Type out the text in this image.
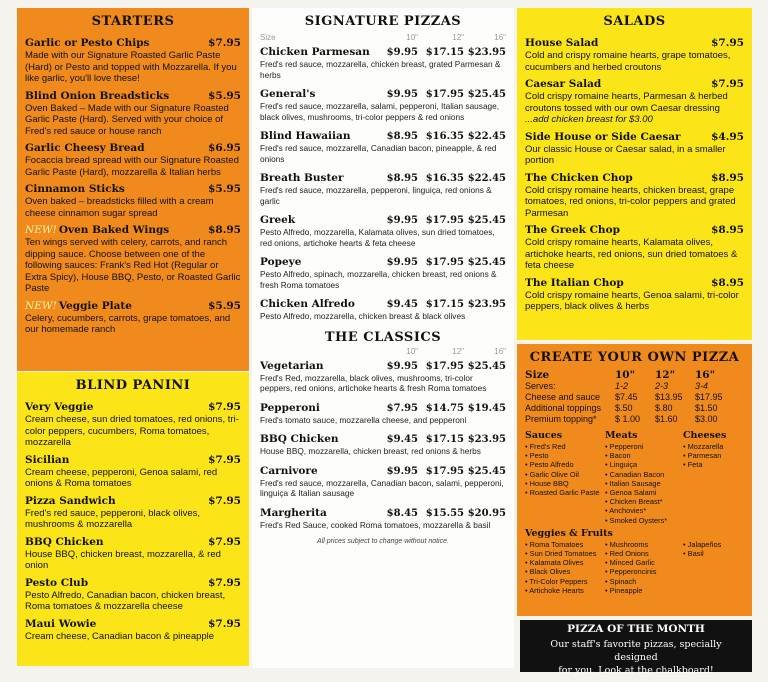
STARTERS
Garlic or Pesto Chips	$7.95
Made with our Signature Roasted Garlic Paste (Hard) or Pesto and topped with Mozzarella. If you like garlic, you'll love these!
Blind Onion Breadsticks	$5.95
Oven Baked – Made with our Signature Roasted Garlic Paste (Hard). Served with your choice of Fred's red sauce or house ranch
Garlic Cheesy Bread	$6.95
Focaccia bread spread with our Signature Roasted Garlic Paste (Hard), mozzarella & Italian herbs
Cinnamon Sticks	$5.95
Oven baked – breadsticks filled with a cream cheese cinnamon sugar spread
NEW! Oven Baked Wings	$8.95
Ten wings served with celery, carrots, and ranch dipping sauce. Choose between one of the following sauces: Frank's Red Hot (Regular or Extra Spicy), House BBQ, Pesto, or Roasted Garlic Paste
NEW! Veggie Plate	$5.95
Celery, cucumbers, carrots, grape tomatoes, and our homemade ranch
BLIND PANINI
Very Veggie	$7.95
Cream cheese, sun dried tomatoes, red onions, tri-color peppers, cucumbers, Roma tomatoes, mozzarella
Sicilian	$7.95
Cream cheese, pepperoni, Genoa salami, red onions & Roma tomatoes
Pizza Sandwich	$7.95
Fred's red sauce, pepperoni, black olives, mushrooms & mozzarella
BBQ Chicken	$7.95
House BBQ, chicken breast, mozzarella, & red onion
Pesto Club	$7.95
Pesto Alfredo, Canadian bacon, chicken breast, Roma tomatoes & mozzarella cheese
Maui Wowie	$7.95
Cream cheese, Canadian bacon & pineapple
SIGNATURE PIZZAS
Size	10"	12"	16"
Chicken Parmesan	$9.95 $17.15 $23.95
Fred's red sauce, mozzarella, chicken breast, grated Parmesan & herbs
General's	$9.95 $17.95 $25.45
Fred's red sauce, mozzarella, salami, pepperoni, Italian sausage, black olives, mushrooms, tri-color peppers & red onions
Blind Hawaiian	$8.95 $16.35 $22.45
Fred's red sauce, mozzarella, Canadian bacon, pineapple, & red onions
Breath Buster	$8.95 $16.35 $22.45
Fred's red sauce, mozzarella, pepperoni, linguiça, red onions & garlic
Greek	$9.95 $17.95 $25.45
Pesto Alfredo, mozzarella, Kalamata olives, sun dried tomatoes, red onions, artichoke hearts & feta cheese
Popeye	$9.95 $17.95 $25.45
Pesto Alfredo, spinach, mozzarella, chicken breast, red onions & fresh Roma tomatoes
Chicken Alfredo	$9.45 $17.15 $23.95
Pesto Alfredo, mozzarella, chicken breast & black olives
THE CLASSICS
10"	12"	16"
Vegetarian	$9.95 $17.95 $25.45
Fred's Red, mozzarella, black olives, mushrooms, tri-color peppers, red onions, artichoke hearts & fresh Roma tomatoes
Pepperoni	$7.95 $14.75 $19.45
Fred's tomato sauce, mozzarella cheese, and pepperoni
BBQ Chicken	$9.45 $17.15 $23.95
House BBQ, mozzarella, chicken breast, red onions & herbs
Carnivore	$9.95 $17.95 $25.45
Fred's red sauce, mozzarella, Canadian bacon, salami, pepperoni, linguiça & Italian sausage
Margherita	$8.45 $15.55 $20.95
Fred's Red Sauce, cooked Roma tomatoes, mozzarella & basil
All prices subject to change without notice.
SALADS
House Salad	$7.95
Cold and crispy romaine hearts, grape tomatoes, cucumbers and herbed croutons
Caesar Salad	$7.95
Cold crispy romaine hearts, Parmesan & herbed croutons tossed with our own Caesar dressing
...add chicken breast for $3.00
Side House or Side Caesar	$4.95
Our classic House or Caesar salad, in a smaller portion
The Chicken Chop	$8.95
Cold crispy romaine hearts, chicken breast, grape tomatoes, red onions, tri-color peppers and grated Parmesan
The Greek Chop	$8.95
Cold crispy romaine hearts, Kalamata olives, artichoke hearts, red onions, sun dried tomatoes & feta cheese
The Italian Chop	$8.95
Cold crispy romaine hearts, Genoa salami, tri-color peppers, black olives & herbs
CREATE YOUR OWN PIZZA
Size	10"	12"	16"
Serves:	1-2	2-3	3-4
Cheese and sauce	$7.45	$13.95	$17.95
Additional toppings	$.50	$.80	$1.50
Premium topping*	$ 1.00	$1.60	$3.00
Sauces
• Fred's Red
• Pesto
• Pesto Alfredo
• Garlic Olive Oil
• House BBQ
• Roasted Garlic Paste
Meats
• Pepperoni
• Bacon
• Linguiça
• Canadian Bacon
• Italian Sausage
• Genoa Salami
• Chicken Breast*
• Anchovies*
• Smoked Oysters*
Cheeses
• Mozzarella
• Parmesan
• Feta
Veggies & Fruits
• Roma Tomatoes
• Sun Dried Tomatoes
• Kalamata Olives
• Black Olives
• Tri-Color Peppers
• Artichoke Hearts

• Mushrooms
• Red Onions
• Minced Garlic
• Pepperoncinis
• Spinach
• Pineapple

• Jalapeños
• Basil
PIZZA OF THE MONTH
Our staff's favorite pizzas, specially designed
for you. Look at the chalkboard!
